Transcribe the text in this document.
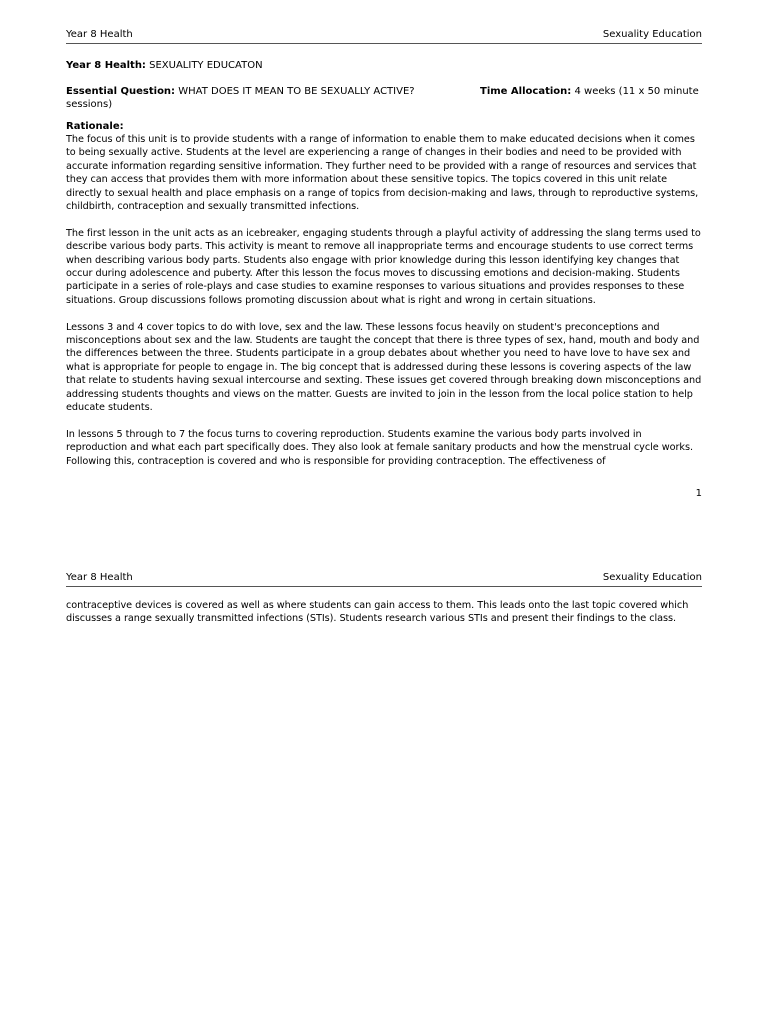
Year 8 Health	Sexuality Education
Year 8 Health: SEXUALITY EDUCATON
Essential Question: WHAT DOES IT MEAN TO BE SEXUALLY ACTIVE?	Time Allocation: 4 weeks (11 x 50 minute
sessions)
Rationale:

The focus of this unit is to provide students with a range of information to enable them to make educated decisions when it comes to being sexually active. Students at the level are experiencing a range of changes in their bodies and need to be provided with accurate information regarding sensitive information. They further need to be provided with a range of resources and services that they can access that provides them with more information about these sensitive topics. The topics covered in this unit relate directly to sexual health and place emphasis on a range of topics from decision-making and laws, through to reproductive systems, childbirth, contraception and sexually transmitted infections.

The first lesson in the unit acts as an icebreaker, engaging students through a playful activity of addressing the slang terms used to describe various body parts. This activity is meant to remove all inappropriate terms and encourage students to use correct terms when describing various body parts. Students also engage with prior knowledge during this lesson identifying key changes that occur during adolescence and puberty. After this lesson the focus moves to discussing emotions and decision-making. Students participate in a series of role-plays and case studies to examine responses to various situations and provides responses to these situations. Group discussions follows promoting discussion about what is right and wrong in certain situations.

Lessons 3 and 4 cover topics to do with love, sex and the law. These lessons focus heavily on student's preconceptions and misconceptions about sex and the law. Students are taught the concept that there is three types of sex, hand, mouth and body and the differences between the three. Students participate in a group debates about whether you need to have love to have sex and what is appropriate for people to engage in. The big concept that is addressed during these lessons is covering aspects of the law that relate to students having sexual intercourse and sexting. These issues get covered through breaking down misconceptions and addressing students thoughts and views on the matter. Guests are invited to join in the lesson from the local police station to help educate students.

In lessons 5 through to 7 the focus turns to covering reproduction. Students examine the various body parts involved in reproduction and what each part specifically does. They also look at female sanitary products and how the menstrual cycle works. Following this, contraception is covered and who is responsible for providing contraception. The effectiveness of

1
Year 8 Health	Sexuality Education

contraceptive devices is covered as well as where students can gain access to them. This leads onto the last topic covered which discusses a range sexually transmitted infections (STIs). Students research various STIs and present their findings to the class.
